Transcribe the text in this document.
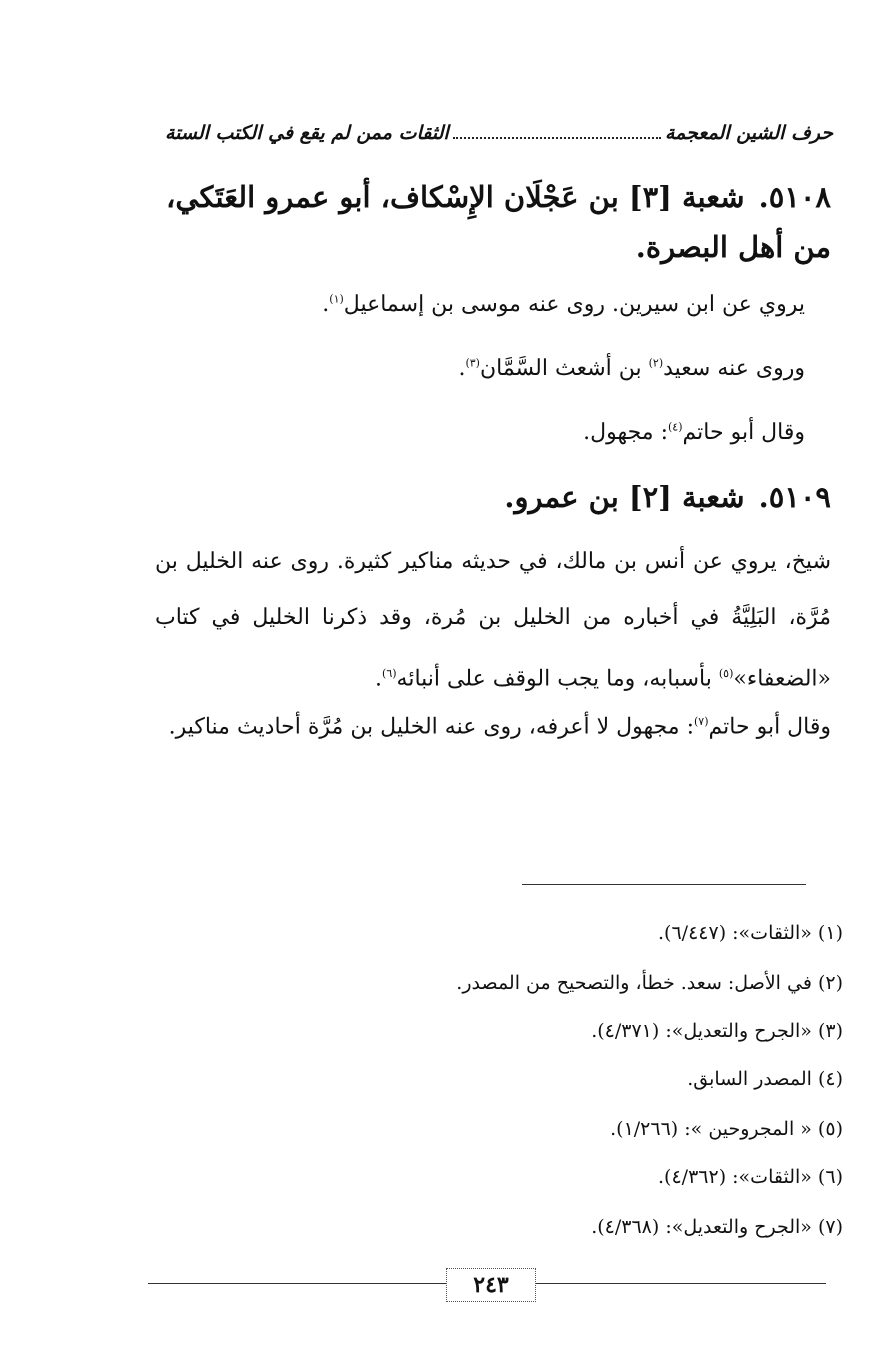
حرف الشين المعجمة
الثقات ممن لم يقع في الكتب الستة
٥١٠٨.شعبة [٣] بن عَجْلَان الإِسْكاف، أبو عمرو العَتَكي، من أهل البصرة.
يروي عن ابن سيرين. روى عنه موسى بن إسماعيل$^{(١)}$.
وروى عنه سعيد$^{(٢)}$ بن أشعث السَّمَّان$^{(٣)}$.
وقال أبو حاتم$^{(٤)}$: مجهول.
٥١٠٩.شعبة [٢] بن عمرو.
شيخ، يروي عن أنس بن مالك، في حديثه مناكير كثيرة. روى عنه الخليل بن مُرَّة، البَلِيَّةُ في أخباره من الخليل بن مُرة، وقد ذكرنا الخليل في كتاب «الضعفاء»$^{(٥)}$ بأسبابه، وما يجب الوقف على أنبائه$^{(٦)}$.
وقال أبو حاتم$^{(٧)}$: مجهول لا أعرفه، روى عنه الخليل بن مُرَّة أحاديث مناكير.
(١) «الثقات»: (٦/٤٤٧).
(٢) في الأصل: سعد. خطأ، والتصحيح من المصدر.
(٣) «الجرح والتعديل»: (٤/٣٧١).
(٤) المصدر السابق.
(٥) « المجروحين »: (١/٢٦٦).
(٦) «الثقات»: (٤/٣٦٢).
(٧) «الجرح والتعديل»: (٤/٣٦٨).
٢٤٣
